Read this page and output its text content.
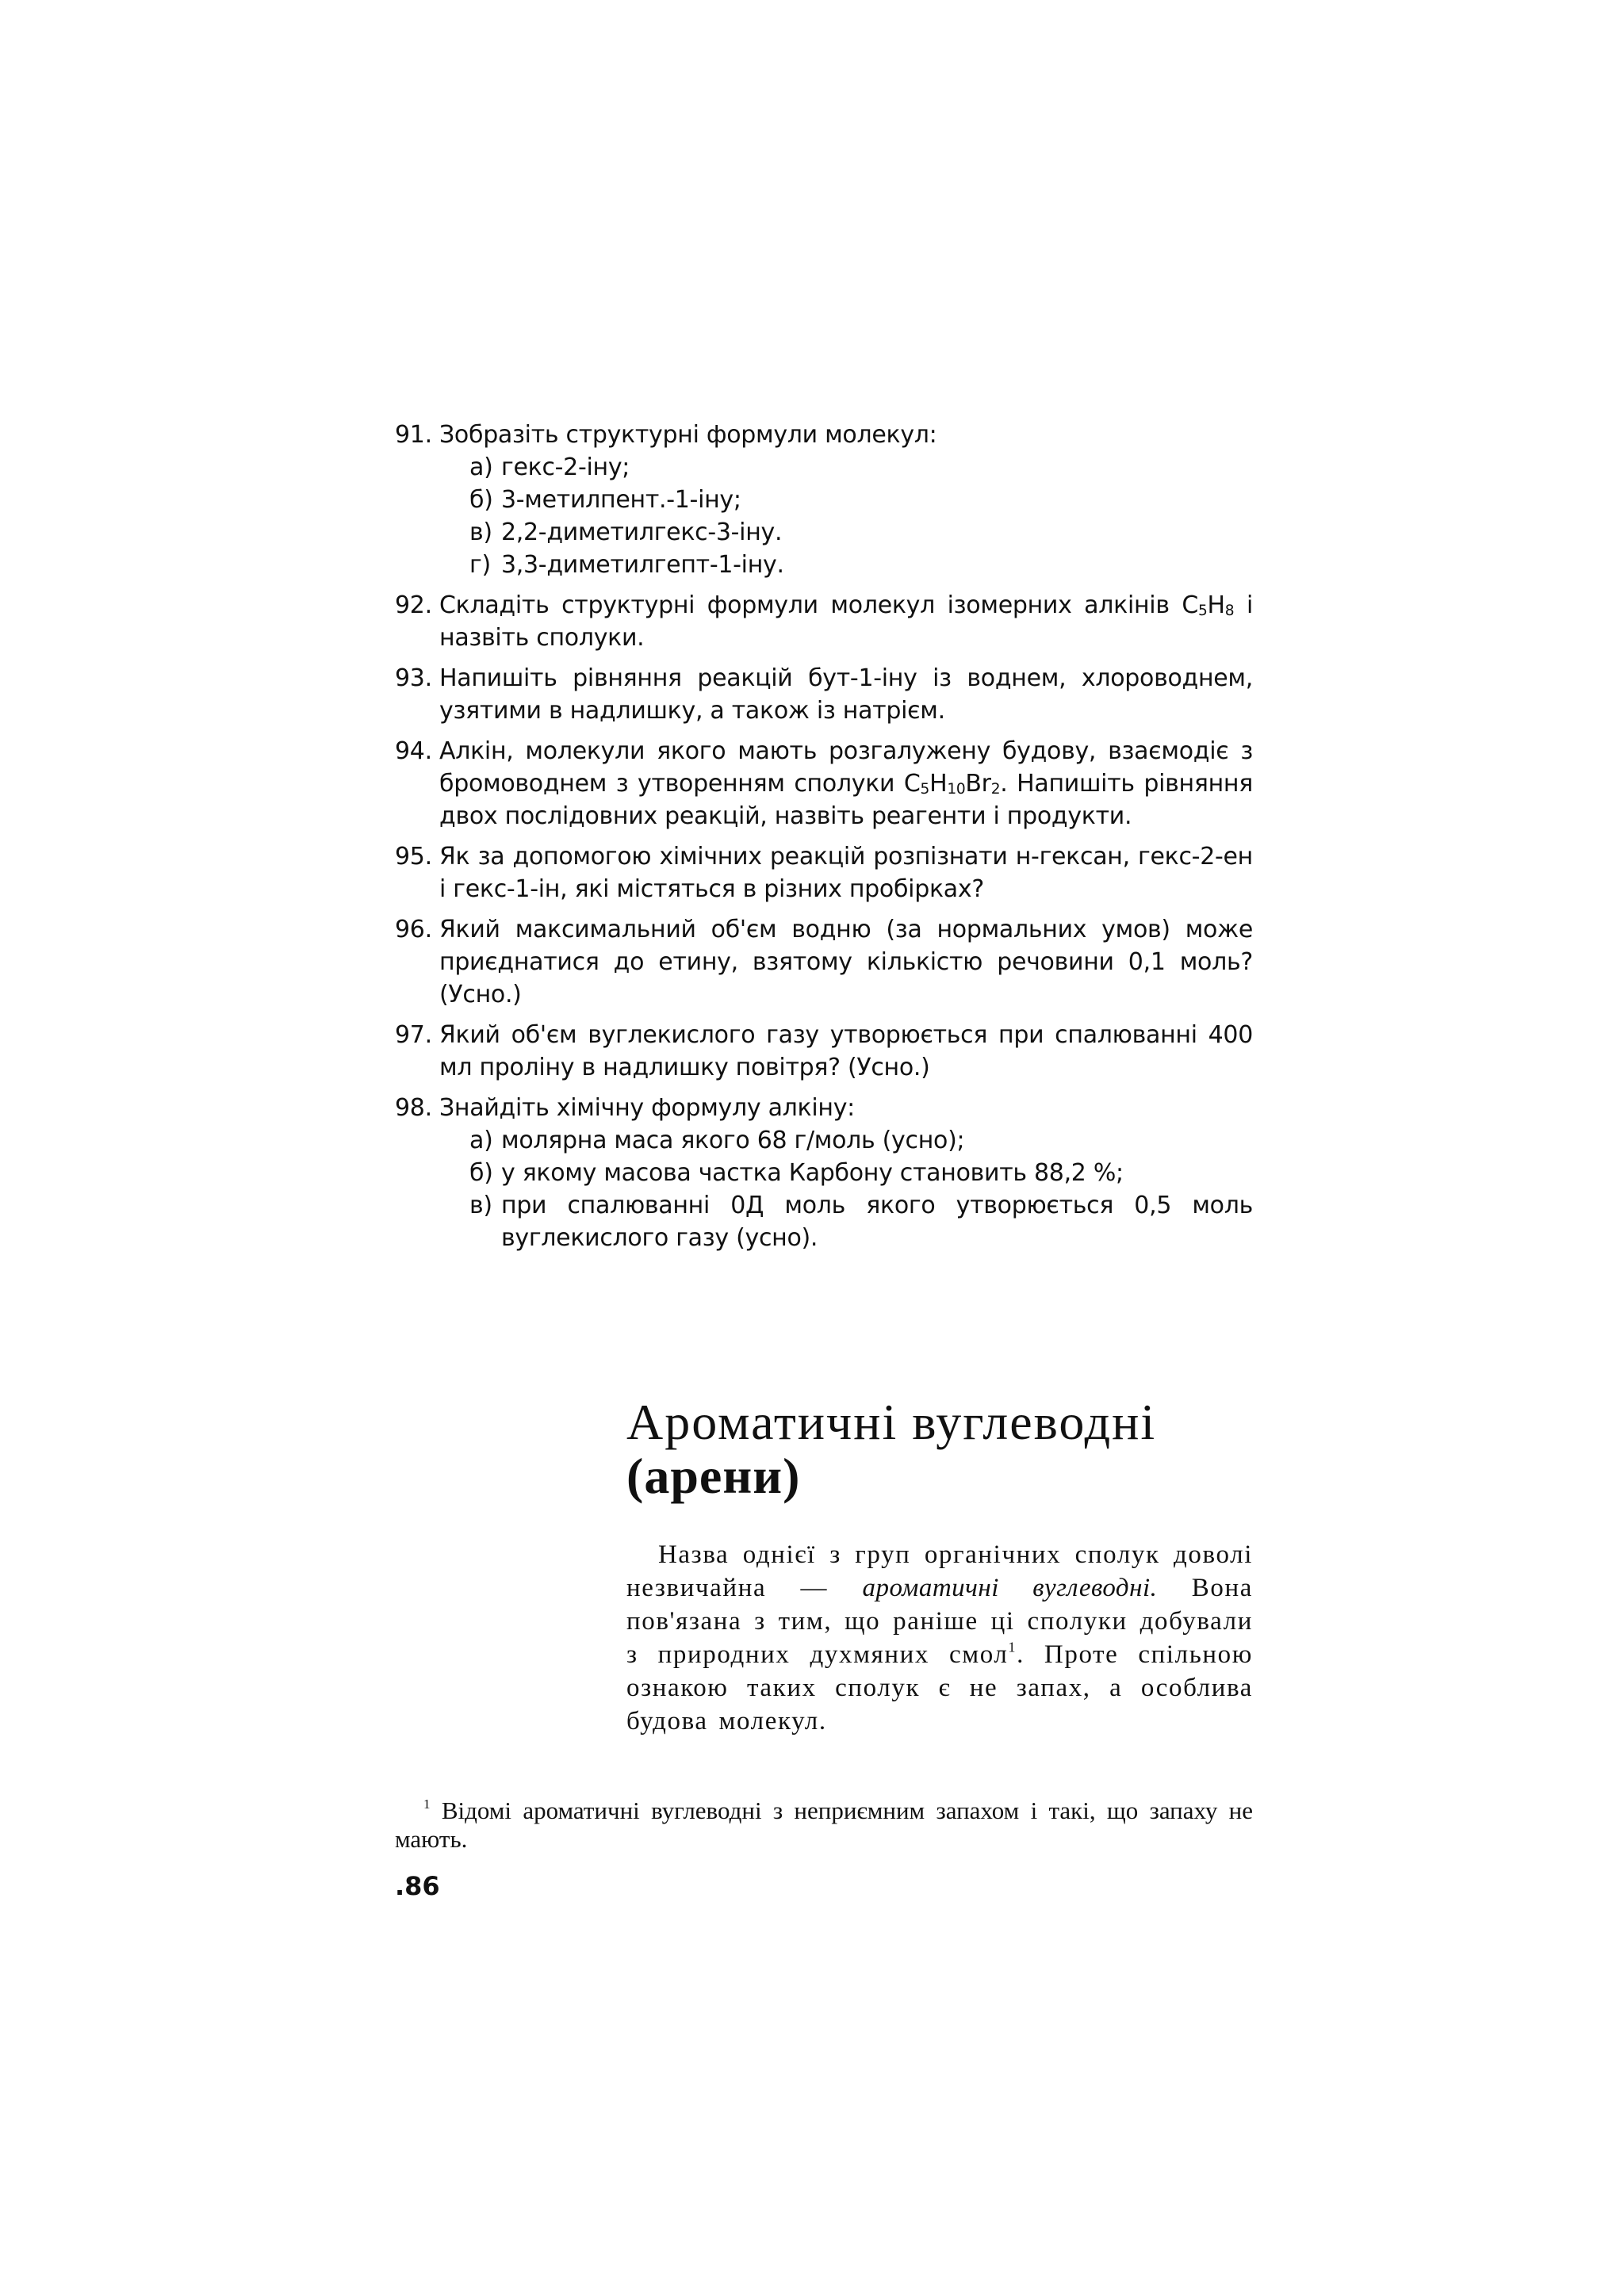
91. Зобразіть структурні формули молекул:
а) гекс-2-іну;
б) 3-метилпент.-1-іну;
в) 2,2-диметилгекс-3-іну.
г) 3,3-диметилгепт-1-іну.
92. Складіть структурні формули молекул ізомерних алкінів $C_5H_8$ і назвіть сполуки.
93. Напишіть рівняння реакцій бут-1-іну із воднем, хлороводнем, узятими в надлишку, а також із натрієм.
94. Алкін, молекули якого мають розгалужену будову, взаємодіє з бромоводнем з утворенням сполуки $C_5H_{10}Br_2$. Напишіть рівняння двох послідовних реакцій, назвіть реагенти і продукти.
95. Як за допомогою хімічних реакцій розпізнати н-гексан, гекс-2-ен і гекс-1-ін, які містяться в різних пробірках?
96. Який максимальний об'єм водню (за нормальних умов) може приєднатися до етину, взятому кількістю речовини 0,1 моль? (Усно.)
97. Який об'єм вуглекислого газу утворюється при спалюванні 400 мл проліну в надлишку повітря? (Усно.)
98. Знайдіть хімічну формулу алкіну:
а) молярна маса якого 68 г/моль (усно);
б) у якому масова частка Карбону становить 88,2 %;
в) при спалюванні 0Д моль якого утворюється 0,5 моль вуглекислого газу (усно).
Ароматичні вуглеводні
(арени)
Назва однієї з груп органічних сполук доволі незвичайна — ароматичні вуглеводні. Вона пов'язана з тим, що раніше ці сполуки добували з природних духмяних смол$^1$. Проте спільною ознакою таких сполук є не запах, а особлива будова молекул.
$^1$ Відомі ароматичні вуглеводні з неприємним запахом і такі, що запаху не мають.
.86
